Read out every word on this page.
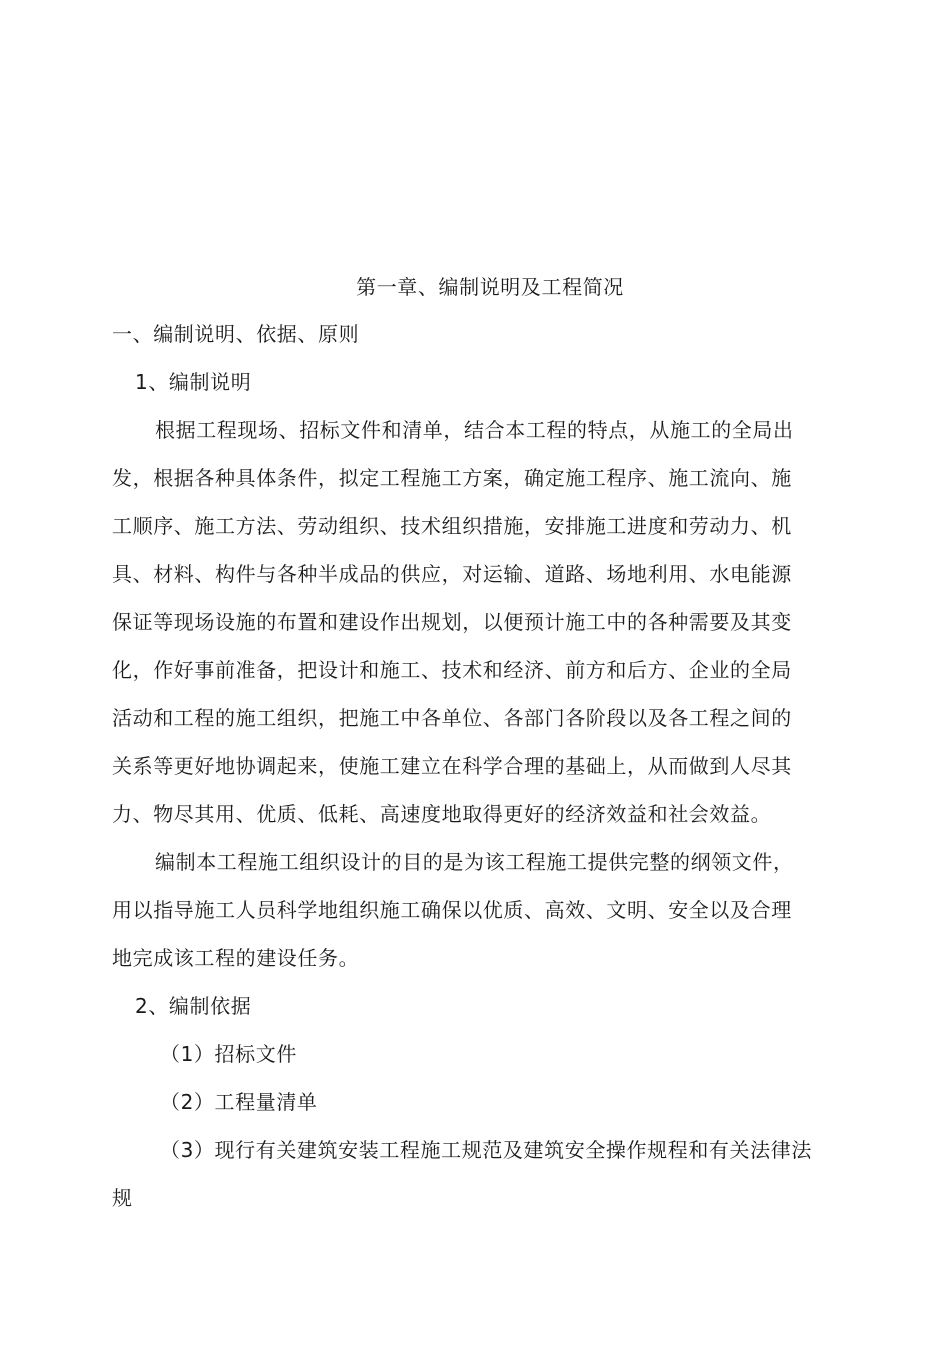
第一章、编制说明及工程简况
一、编制说明、依据、原则
1、编制说明
根据工程现场、招标文件和清单，结合本工程的特点，从施工的全局出
发，根据各种具体条件，拟定工程施工方案，确定施工程序、施工流向、施
工顺序、施工方法、劳动组织、技术组织措施，安排施工进度和劳动力、机
具、材料、构件与各种半成品的供应，对运输、道路、场地利用、水电能源
保证等现场设施的布置和建设作出规划，以便预计施工中的各种需要及其变
化，作好事前准备，把设计和施工、技术和经济、前方和后方、企业的全局
活动和工程的施工组织，把施工中各单位、各部门各阶段以及各工程之间的
关系等更好地协调起来，使施工建立在科学合理的基础上，从而做到人尽其
力、物尽其用、优质、低耗、高速度地取得更好的经济效益和社会效益。
编制本工程施工组织设计的目的是为该工程施工提供完整的纲领文件，
用以指导施工人员科学地组织施工确保以优质、高效、文明、安全以及合理
地完成该工程的建设任务。
2、编制依据
（1）招标文件
（2）工程量清单
（3）现行有关建筑安装工程施工规范及建筑安全操作规程和有关法律法
规
